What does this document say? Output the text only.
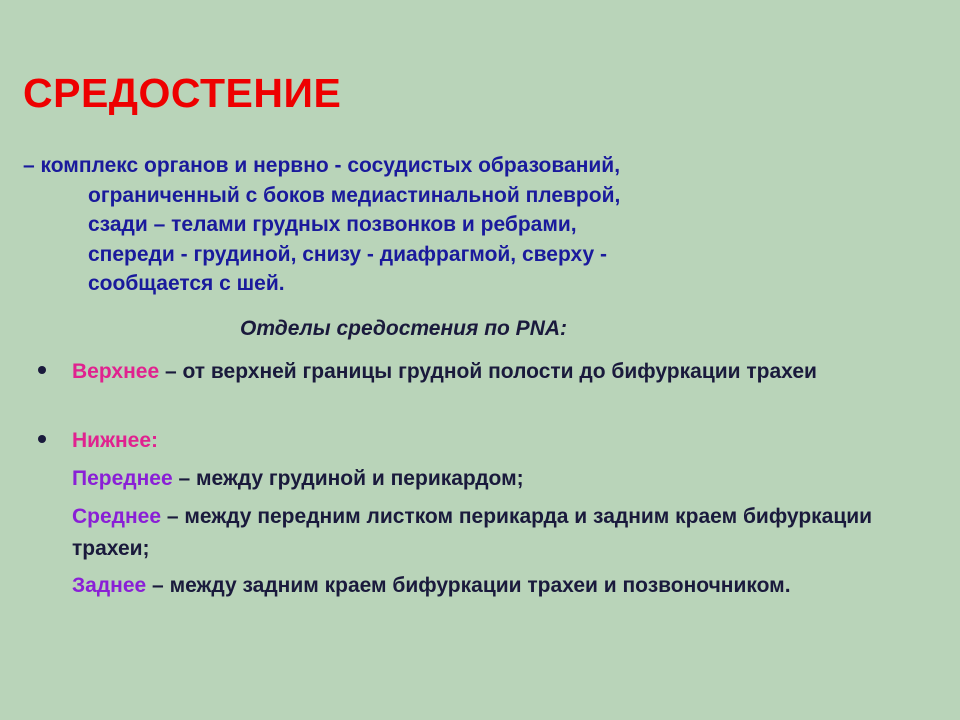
СРЕДОСТЕНИЕ
– комплекс органов и нервно - сосудистых образований,
ограниченный с боков медиастинальной плеврой,
сзади – телами грудных позвонков и ребрами,
спереди - грудиной, снизу - диафрагмой, сверху -
сообщается с шей.
Отделы средостения по PNA:
Верхнее – от верхней границы грудной полости до бифуркации трахеи
Нижнее:
Переднее – между грудиной и перикардом;
Среднее – между передним листком перикарда и задним краем бифуркации трахеи;
Заднее – между задним краем бифуркации трахеи и позвоночником.
